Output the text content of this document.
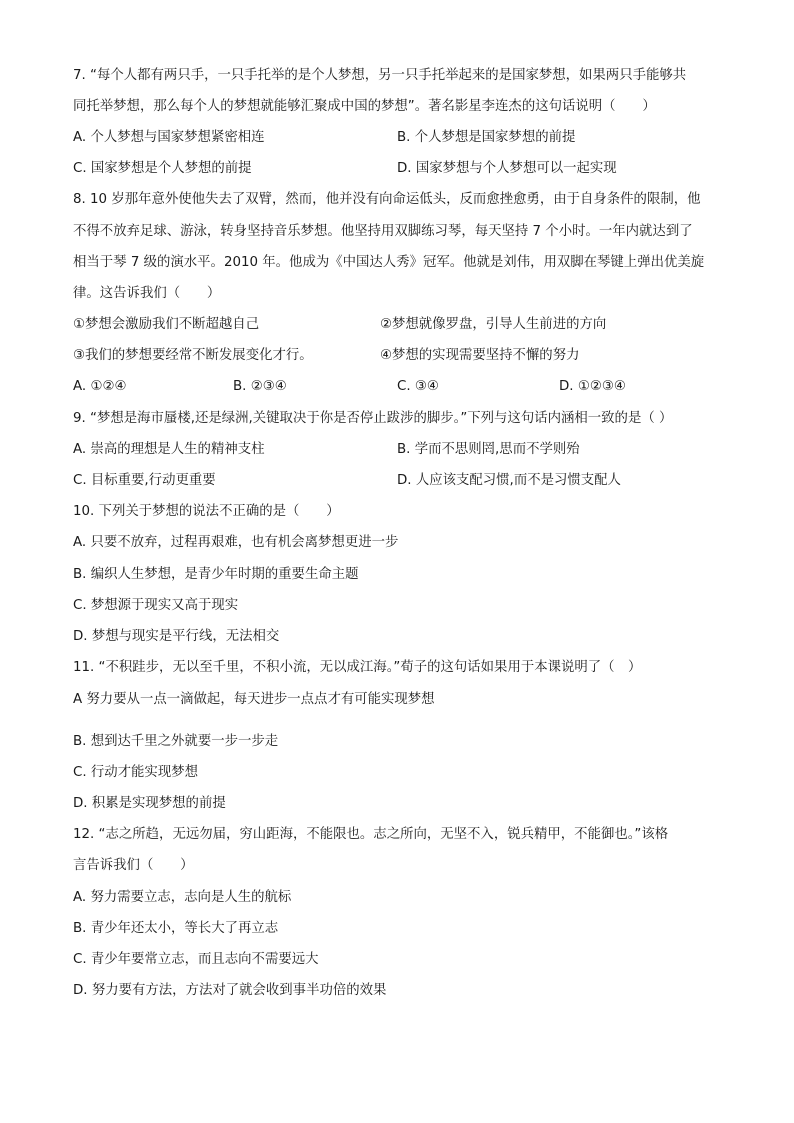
7. “每个人都有两只手，一只手托举的是个人梦想，另一只手托举起来的是国家梦想，如果两只手能够共
同托举梦想，那么每个人的梦想就能够汇聚成中国的梦想”。著名影星李连杰的这句话说明（　　）
A. 个人梦想与国家梦想紧密相连	B. 个人梦想是国家梦想的前提
C. 国家梦想是个人梦想的前提	D. 国家梦想与个人梦想可以一起实现
8. 10 岁那年意外使他失去了双臂，然而，他并没有向命运低头，反而愈挫愈勇，由于自身条件的限制，他
不得不放弃足球、游泳，转身坚持音乐梦想。他坚持用双脚练习琴，每天坚持 7 个小时。一年内就达到了
相当于琴 7 级的演水平。2010 年。他成为《中国达人秀》冠军。他就是刘伟，用双脚在琴键上弹出优美旋
律。这告诉我们（　　）
①梦想会激励我们不断超越自己	②梦想就像罗盘，引导人生前进的方向
③我们的梦想要经常不断发展变化才行。	④梦想的实现需要坚持不懈的努力
A. ①②④	B. ②③④	C. ③④	D. ①②③④
9. “梦想是海市蜃楼,还是绿洲,关键取决于你是否停止跋涉的脚步。”下列与这句话内涵相一致的是（ ）
A. 崇高的理想是人生的精神支柱	B. 学而不思则罔,思而不学则殆
C. 目标重要,行动更重要	D. 人应该支配习惯,而不是习惯支配人
10. 下列关于梦想的说法不正确的是（　　）
A. 只要不放弃，过程再艰难，也有机会离梦想更进一步
B. 编织人生梦想，是青少年时期的重要生命主题
C. 梦想源于现实又高于现实
D. 梦想与现实是平行线，无法相交
11. “不积跬步，无以至千里，不积小流，无以成江海。”荀子的这句话如果用于本课说明了（　）
A 努力要从一点一滴做起，每天进步一点点才有可能实现梦想
B. 想到达千里之外就要一步一步走
C. 行动才能实现梦想
D. 积累是实现梦想的前提
12. “志之所趋，无远勿届，穷山距海，不能限也。志之所向，无坚不入，锐兵精甲，不能御也。”该格
言告诉我们（　　）
A. 努力需要立志，志向是人生的航标
B. 青少年还太小，等长大了再立志
C. 青少年要常立志，而且志向不需要远大
D. 努力要有方法，方法对了就会收到事半功倍的效果
